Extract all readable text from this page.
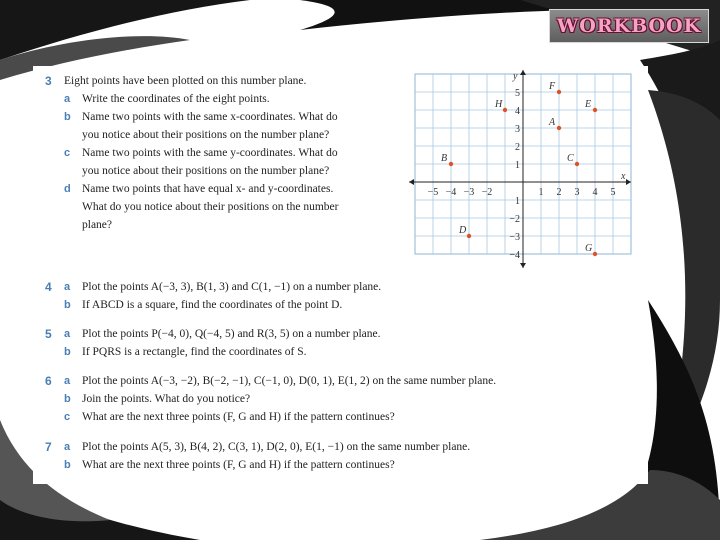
WORKBOOK
3 Eight points have been plotted on this number plane.
a Write the coordinates of the eight points.
b Name two points with the same x-coordinates. What do
you notice about their positions on the number plane?
c Name two points with the same y-coordinates. What do
you notice about their positions on the number plane?
d Name two points that have equal x- and y-coordinates.
What do you notice about their positions on the number
plane?
4 a Plot the points A(−3, 3), B(1, 3) and C(1, −1) on a number plane.
b If ABCD is a square, find the coordinates of the point D.
5 a Plot the points P(−4, 0), Q(−4, 5) and R(3, 5) on a number plane.
b If PQRS is a rectangle, find the coordinates of S.
6 a Plot the points A(−3, −2), B(−2, −1), C(−1, 0), D(0, 1), E(1, 2) on the same number plane.
b Join the points. What do you notice?
c What are the next three points (F, G and H) if the pattern continues?
7 a Plot the points A(5, 3), B(4, 2), C(3, 1), D(2, 0), E(1, −1) on the same number plane.
b What are the next three points (F, G and H) if the pattern continues?
x
y
−5 −4 −3 −2	1 2 3 4 5
5
4
3
2
1
1
−2
−3
−4
F
H	E
A
B	C
D
G
